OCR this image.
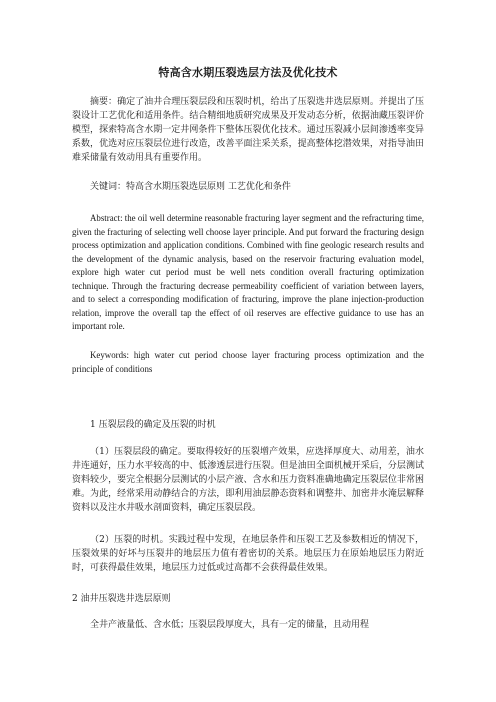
特高含水期压裂选层方法及优化技术

摘要：确定了油井合理压裂层段和压裂时机，给出了压裂选井选层原则。并提出了压裂设计工艺优化和适用条件。结合精细地质研究成果及开发动态分析，依据油藏压裂评价模型，探索特高含水期一定井网条件下整体压裂优化技术。通过压裂减小层间渗透率变异系数，优选对应压裂层位进行改造，改善平面注采关系，提高整体挖潜效果，对指导油田难采储量有效动用具有重要作用。

关键词：特高含水期压裂选层原则 工艺优化和条件

Abstract: the oil well determine reasonable fracturing layer segment and the refracturing time, given the fracturing of selecting well choose layer principle. And put forward the fracturing design process optimization and application conditions. Combined with fine geologic research results and the development of the dynamic analysis, based on the reservoir fracturing evaluation model, explore high water cut period must be well nets condition overall fracturing optimization technique. Through the fracturing decrease permeability coefficient of variation between layers, and to select a corresponding modification of fracturing, improve the plane injection-production relation, improve the overall tap the effect of oil reserves are effective guidance to use has an important role.

Keywords: high water cut period choose layer fracturing process optimization and the principle of conditions

1 压裂层段的确定及压裂的时机

（1）压裂层段的确定。要取得较好的压裂增产效果，应选择厚度大、动用差，油水井连通好，压力水平较高的中、低渗透层进行压裂。但是油田全面机械开采后，分层测试资料较少，要完全根据分层测试的小层产液、含水和压力资料准确地确定压裂层位非常困难。为此，经常采用动静结合的方法，即利用油层静态资料和调整井、加密井水淹层解释资料以及注水井吸水剖面资料，确定压裂层段。

（2）压裂的时机。实践过程中发现，在地层条件和压裂工艺及参数相近的情况下，压裂效果的好坏与压裂井的地层压力值有着密切的关系。地层压力在原始地层压力附近时，可获得最佳效果，地层压力过低或过高都不会获得最佳效果。

2 油井压裂选井选层原则

全井产液量低、含水低；压裂层段厚度大，具有一定的储量，且动用程
